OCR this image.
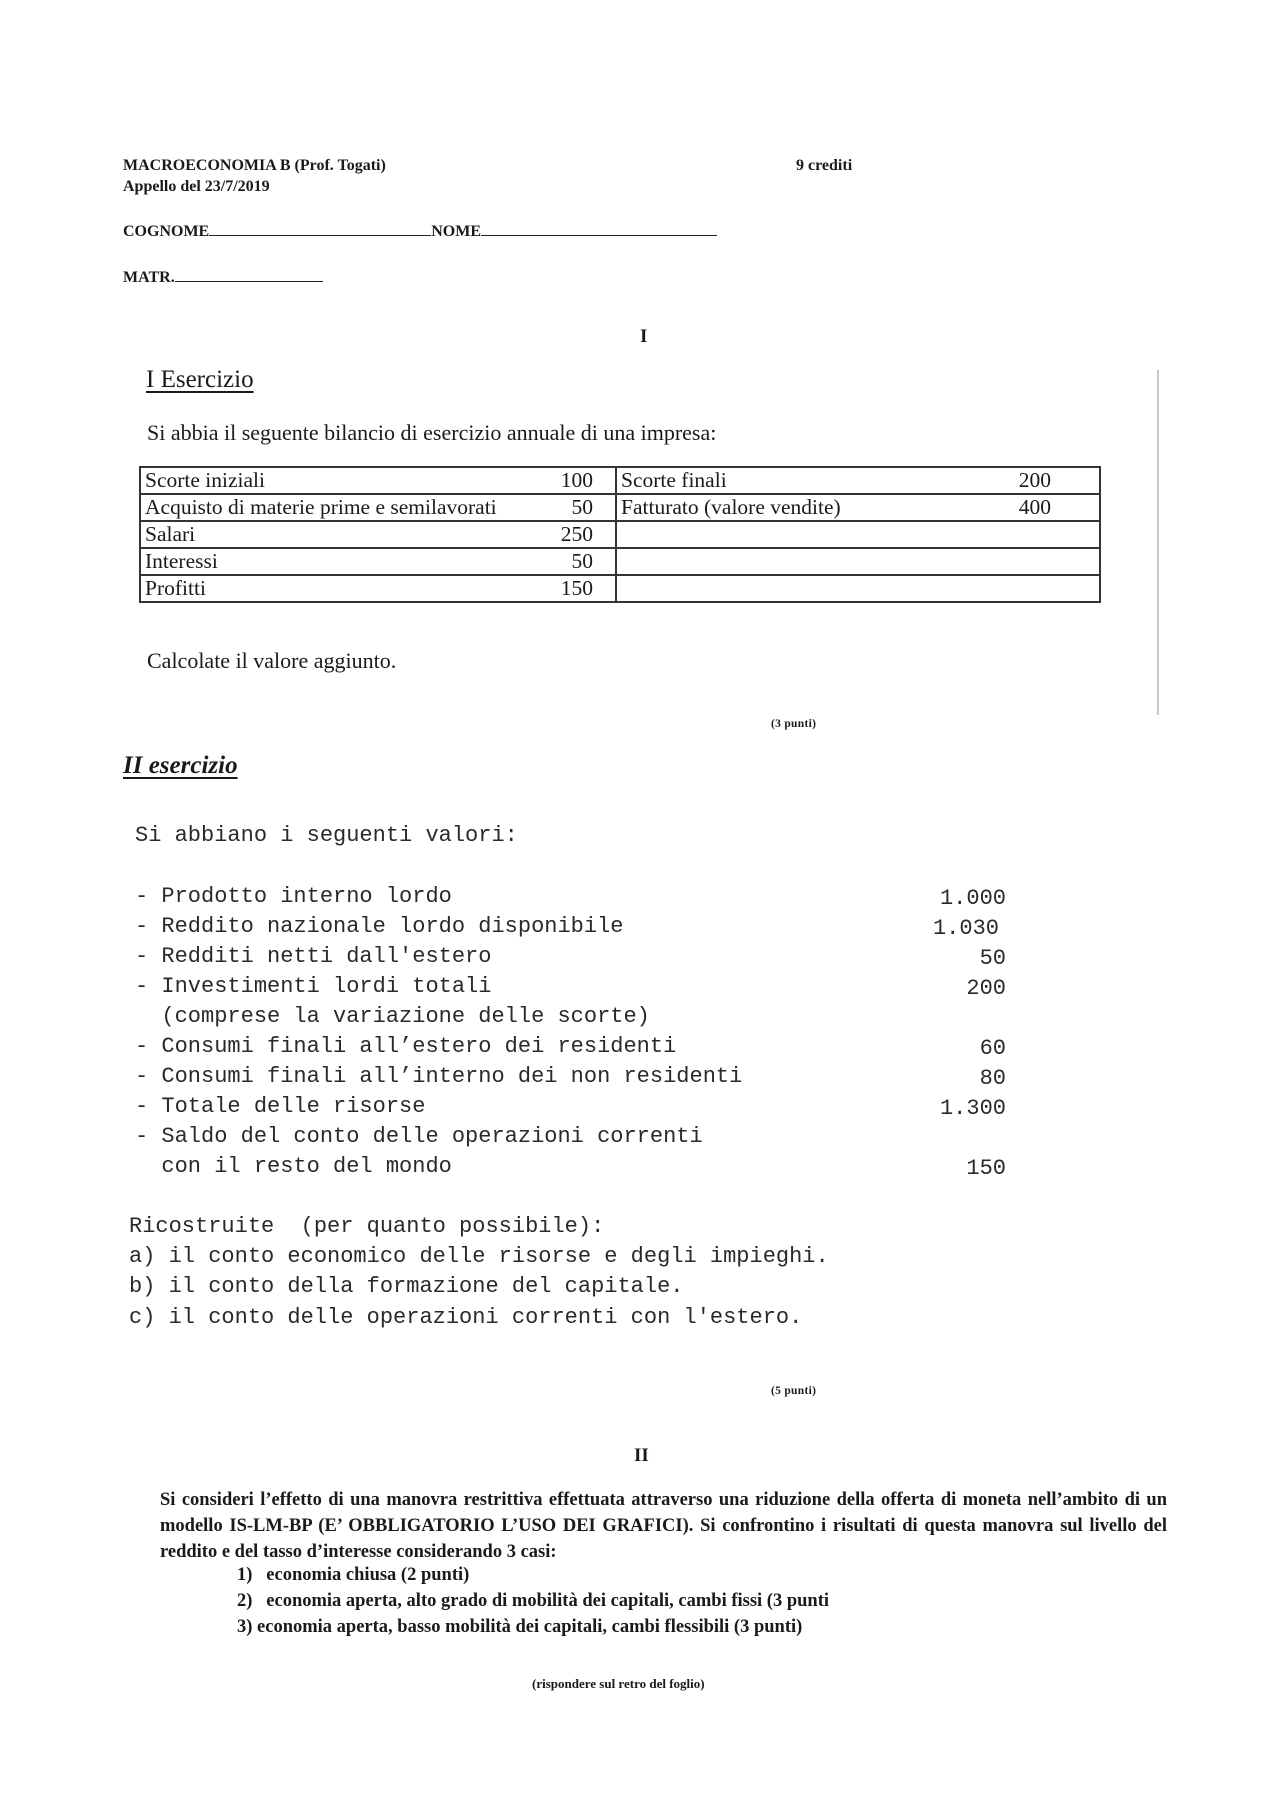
MACROECONOMIA B (Prof. Togati)	9 crediti
Appello del 23/7/2019
COGNOME	NOME
MATR.
I
I Esercizio
Si abbia il seguente bilancio di esercizio annuale di una impresa:
Scorte iniziali	100	Scorte finali	200
Acquisto di materie prime e semilavorati	50	Fatturato (valore vendite)	400
Salari	250		
Interessi	50		
Profitti	150		
Calcolate il valore aggiunto.
(3 punti)
II esercizio
Si abbiano i seguenti valori:
- Prodotto interno lordo	1.000
- Reddito nazionale lordo disponibile	1.030
- Redditi netti dall'estero	50
- Investimenti lordi totali	200
(comprese la variazione delle scorte)
- Consumi finali all’estero dei residenti	60
- Consumi finali all’interno dei non residenti	80
- Totale delle risorse	1.300
- Saldo del conto delle operazioni correnti
con il resto del mondo	150
Ricostruite  (per quanto possibile):
a) il conto economico delle risorse e degli impieghi.
b) il conto della formazione del capitale.
c) il conto delle operazioni correnti con l'estero.
(5 punti)
II
Si consideri l’effetto di una manovra restrittiva effettuata attraverso una riduzione della offerta di moneta nell’ambito di un modello IS-LM-BP (E’ OBBLIGATORIO L’USO DEI GRAFICI). Si confrontino i risultati di questa manovra sul livello del reddito e del tasso d’interesse considerando 3 casi:
1) economia chiusa (2 punti)
2) economia aperta, alto grado di mobilità dei capitali, cambi fissi (3 punti
3) economia aperta, basso mobilità dei capitali, cambi flessibili (3 punti)
(rispondere sul retro del foglio)
